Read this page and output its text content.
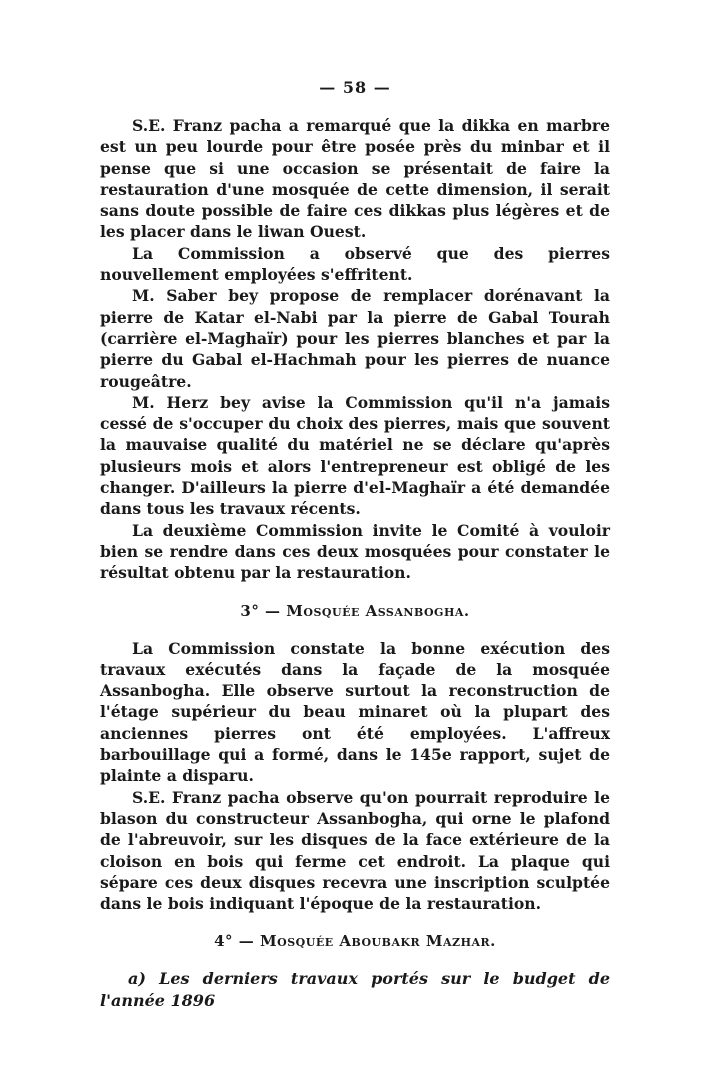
— 58 —

S.E. Franz pacha a remarqué que la dikka en marbre est un peu lourde pour être posée près du minbar et il pense que si une occasion se présentait de faire la restauration d'une mosquée de cette dimension, il serait sans doute possible de faire ces dikkas plus légères et de les placer dans le liwan Ouest.

La Commission a observé que des pierres nouvellement employées s'effritent.

M. Saber bey propose de remplacer dorénavant la pierre de Katar el-Nabi par la pierre de Gabal Tourah (carrière el-Maghaïr) pour les pierres blanches et par la pierre du Gabal el-Hachmah pour les pierres de nuance rougeâtre.

M. Herz bey avise la Commission qu'il n'a jamais cessé de s'occuper du choix des pierres, mais que souvent la mauvaise qualité du matériel ne se déclare qu'après plusieurs mois et alors l'entrepreneur est obligé de les changer. D'ailleurs la pierre d'el-Maghaïr a été demandée dans tous les travaux récents.

La deuxième Commission invite le Comité à vouloir bien se rendre dans ces deux mosquées pour constater le résultat obtenu par la restauration.

3° — Mosquée Assanbogha.

La Commission constate la bonne exécution des travaux exécutés dans la façade de la mosquée Assanbogha. Elle observe surtout la reconstruction de l'étage supérieur du beau minaret où la plupart des anciennes pierres ont été employées. L'affreux barbouillage qui a formé, dans le 145e rapport, sujet de plainte a disparu.

S.E. Franz pacha observe qu'on pourrait reproduire le blason du constructeur Assanbogha, qui orne le plafond de l'abreuvoir, sur les disques de la face extérieure de la cloison en bois qui ferme cet endroit. La plaque qui sépare ces deux disques recevra une inscription sculptée dans le bois indiquant l'époque de la restauration.

4° — Mosquée Aboubakr Mazhar.

a) Les derniers travaux portés sur le budget de l'année 1896
